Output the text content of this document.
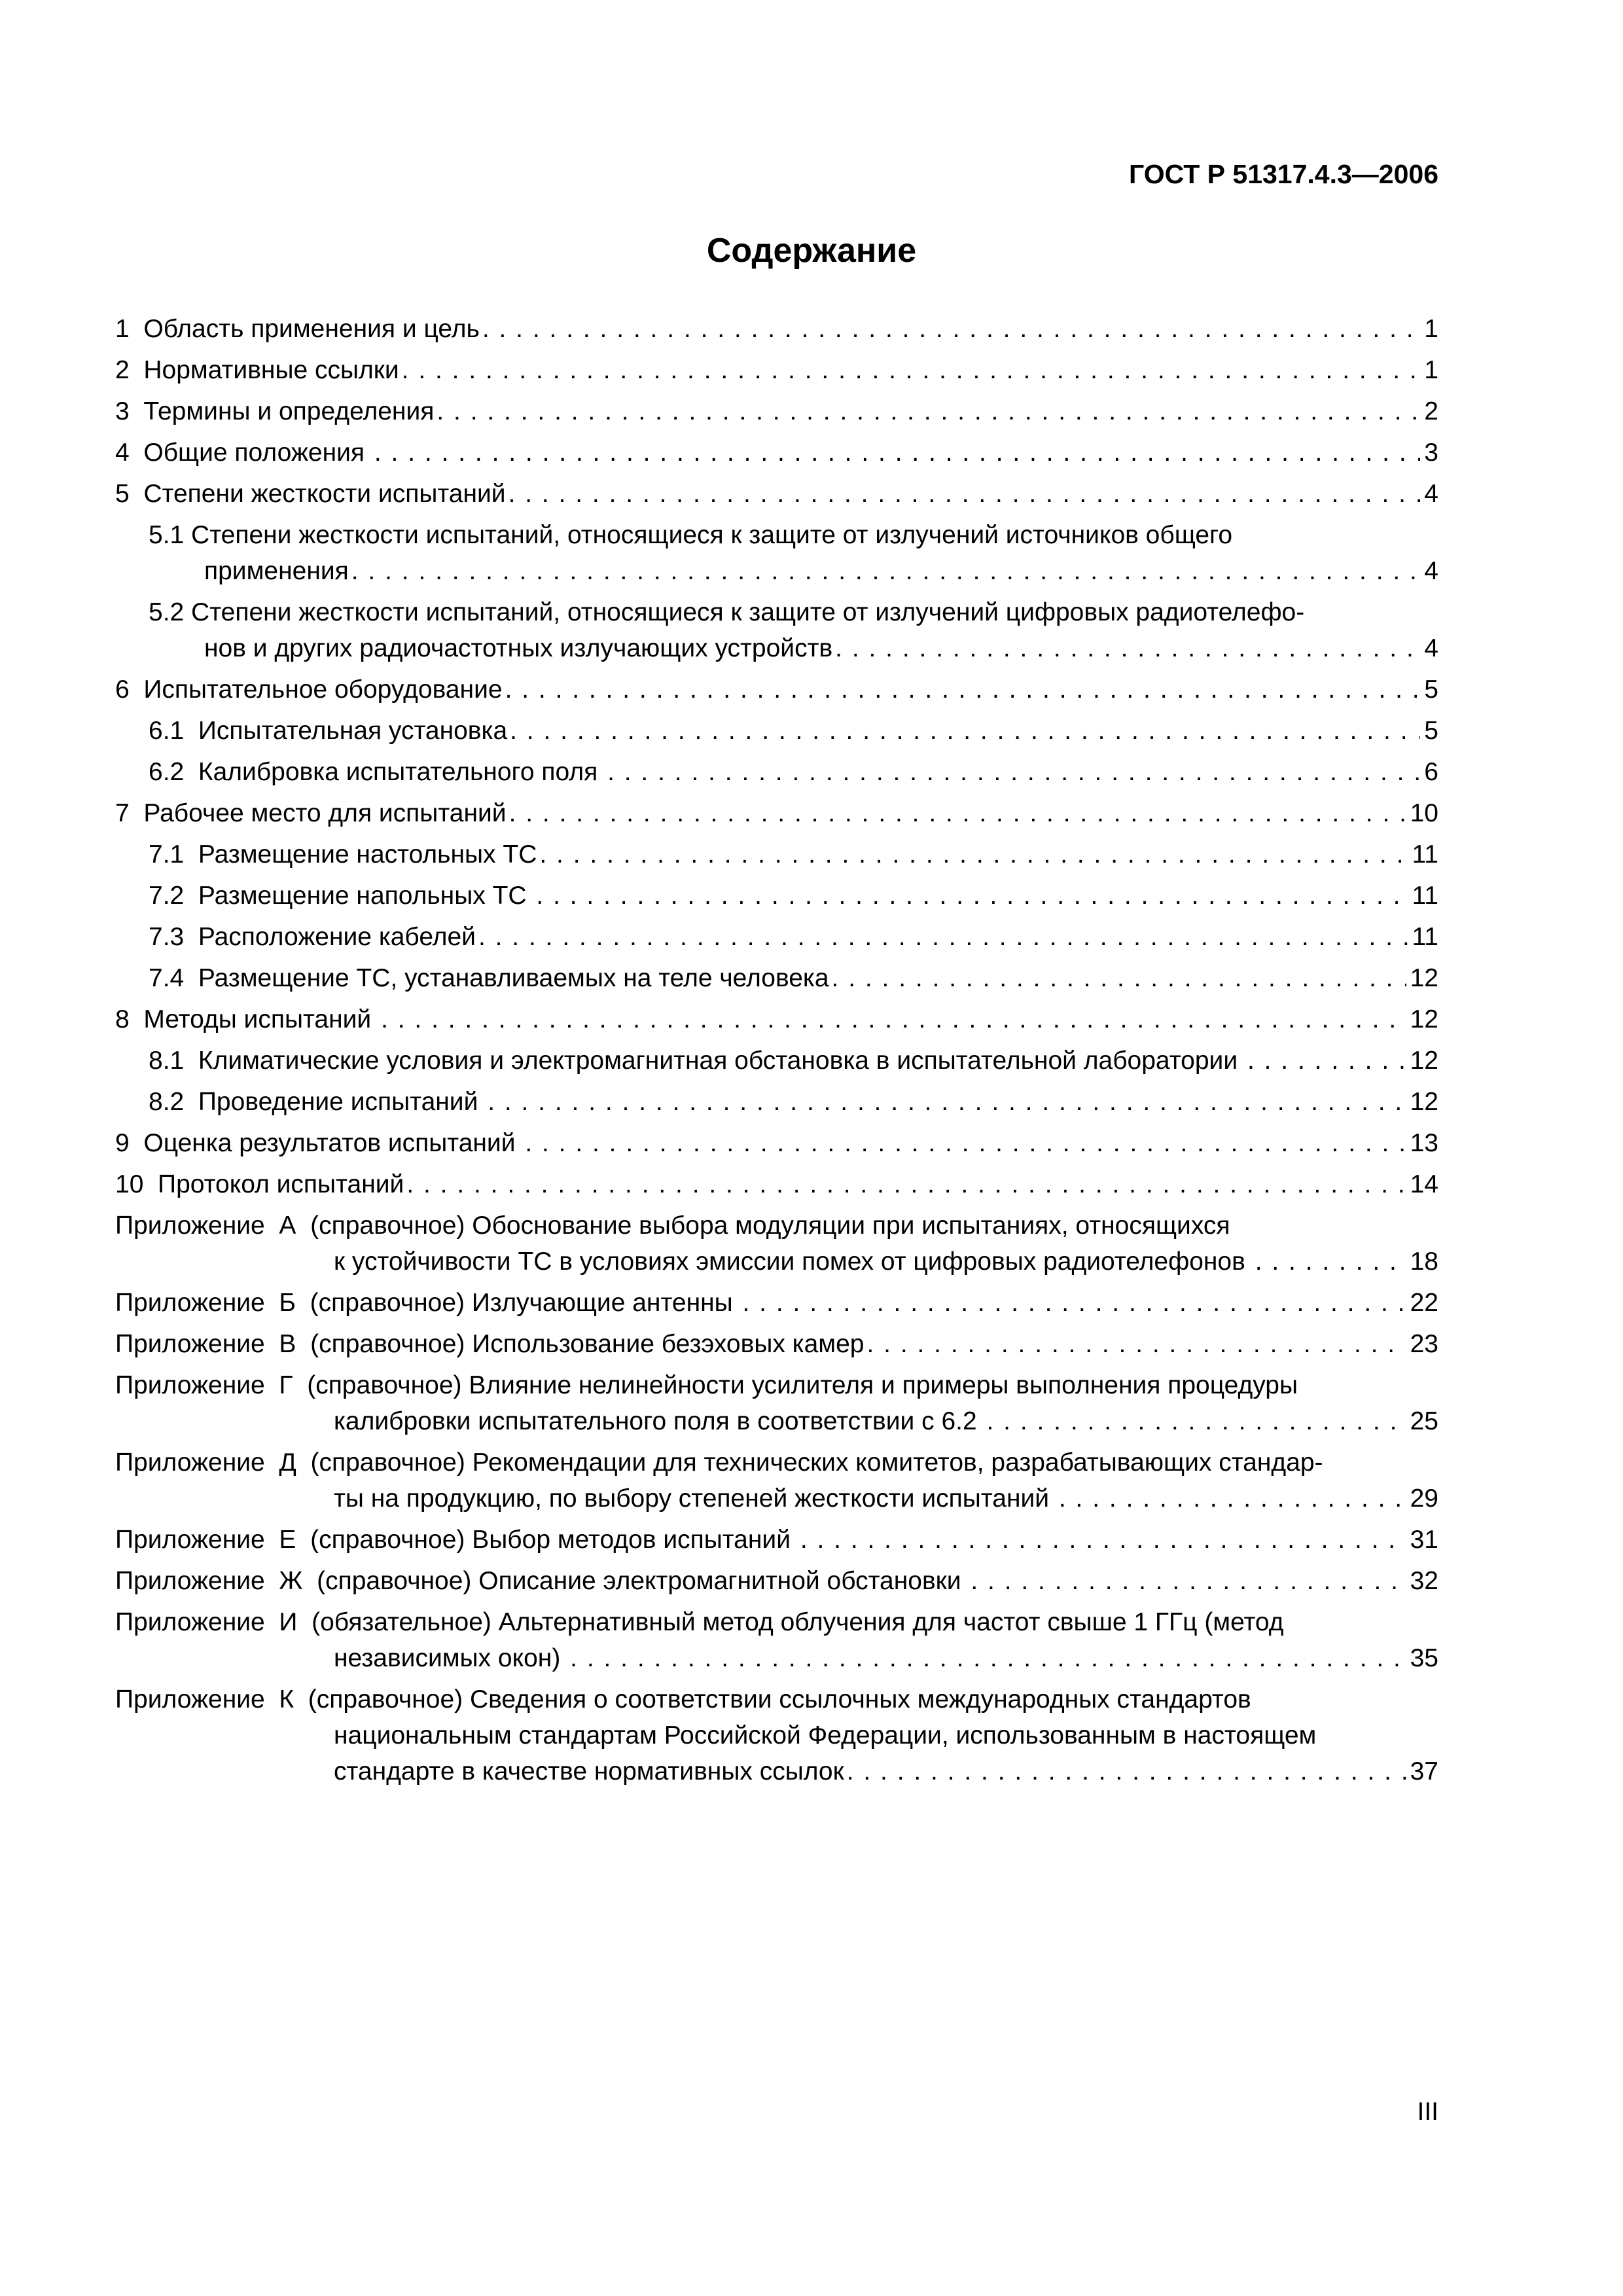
ГОСТ Р 51317.4.3—2006
Содержание
1  Область применения и цель . . .	1
2  Нормативные ссылки . . .	1
3  Термины и определения . . .	2
4  Общие положения . . .	3
5  Степени жесткости испытаний . . .	4
5.1 Степени жесткости испытаний, относящиеся к защите от излучений источников общего
применения . . .	4
5.2 Степени жесткости испытаний, относящиеся к защите от излучений цифровых радиотелефо-
нов и других радиочастотных излучающих устройств . . .	4
6  Испытательное оборудование . . .	5
6.1  Испытательная установка . . .	5
6.2  Калибровка испытательного поля . . .	6
7  Рабочее место для испытаний . . .	10
7.1  Размещение настольных ТС . . .	11
7.2  Размещение напольных ТС . . .	11
7.3  Расположение кабелей . . .	11
7.4  Размещение ТС, устанавливаемых на теле человека . . .	12
8  Методы испытаний . . .	12
8.1  Климатические условия и электромагнитная обстановка в испытательной лаборатории . . .	12
8.2  Проведение испытаний . . .	12
9  Оценка результатов испытаний . . .	13
10  Протокол испытаний . . .	14
Приложение  А  (справочное) Обоснование выбора модуляции при испытаниях, относящихся
к устойчивости ТС в условиях эмиссии помех от цифровых радиотелефонов . . .	18
Приложение  Б  (справочное) Излучающие антенны . . .	22
Приложение  В  (справочное) Использование безэховых камер . . .	23
Приложение  Г  (справочное) Влияние нелинейности усилителя и примеры выполнения процедуры
калибровки испытательного поля в соответствии с 6.2 . . .	25
Приложение  Д  (справочное) Рекомендации для технических комитетов, разрабатывающих стандар-
ты на продукцию, по выбору степеней жесткости испытаний . . .	29
Приложение  Е  (справочное) Выбор методов испытаний . . .	31
Приложение  Ж  (справочное) Описание электромагнитной обстановки . . .	32
Приложение  И  (обязательное) Альтернативный метод облучения для частот свыше 1 ГГц (метод
независимых окон) . . .	35
Приложение  К  (справочное) Сведения о соответствии ссылочных международных стандартов
национальным стандартам Российской Федерации, использованным в настоящем
стандарте в качестве нормативных ссылок . . .	37
III
